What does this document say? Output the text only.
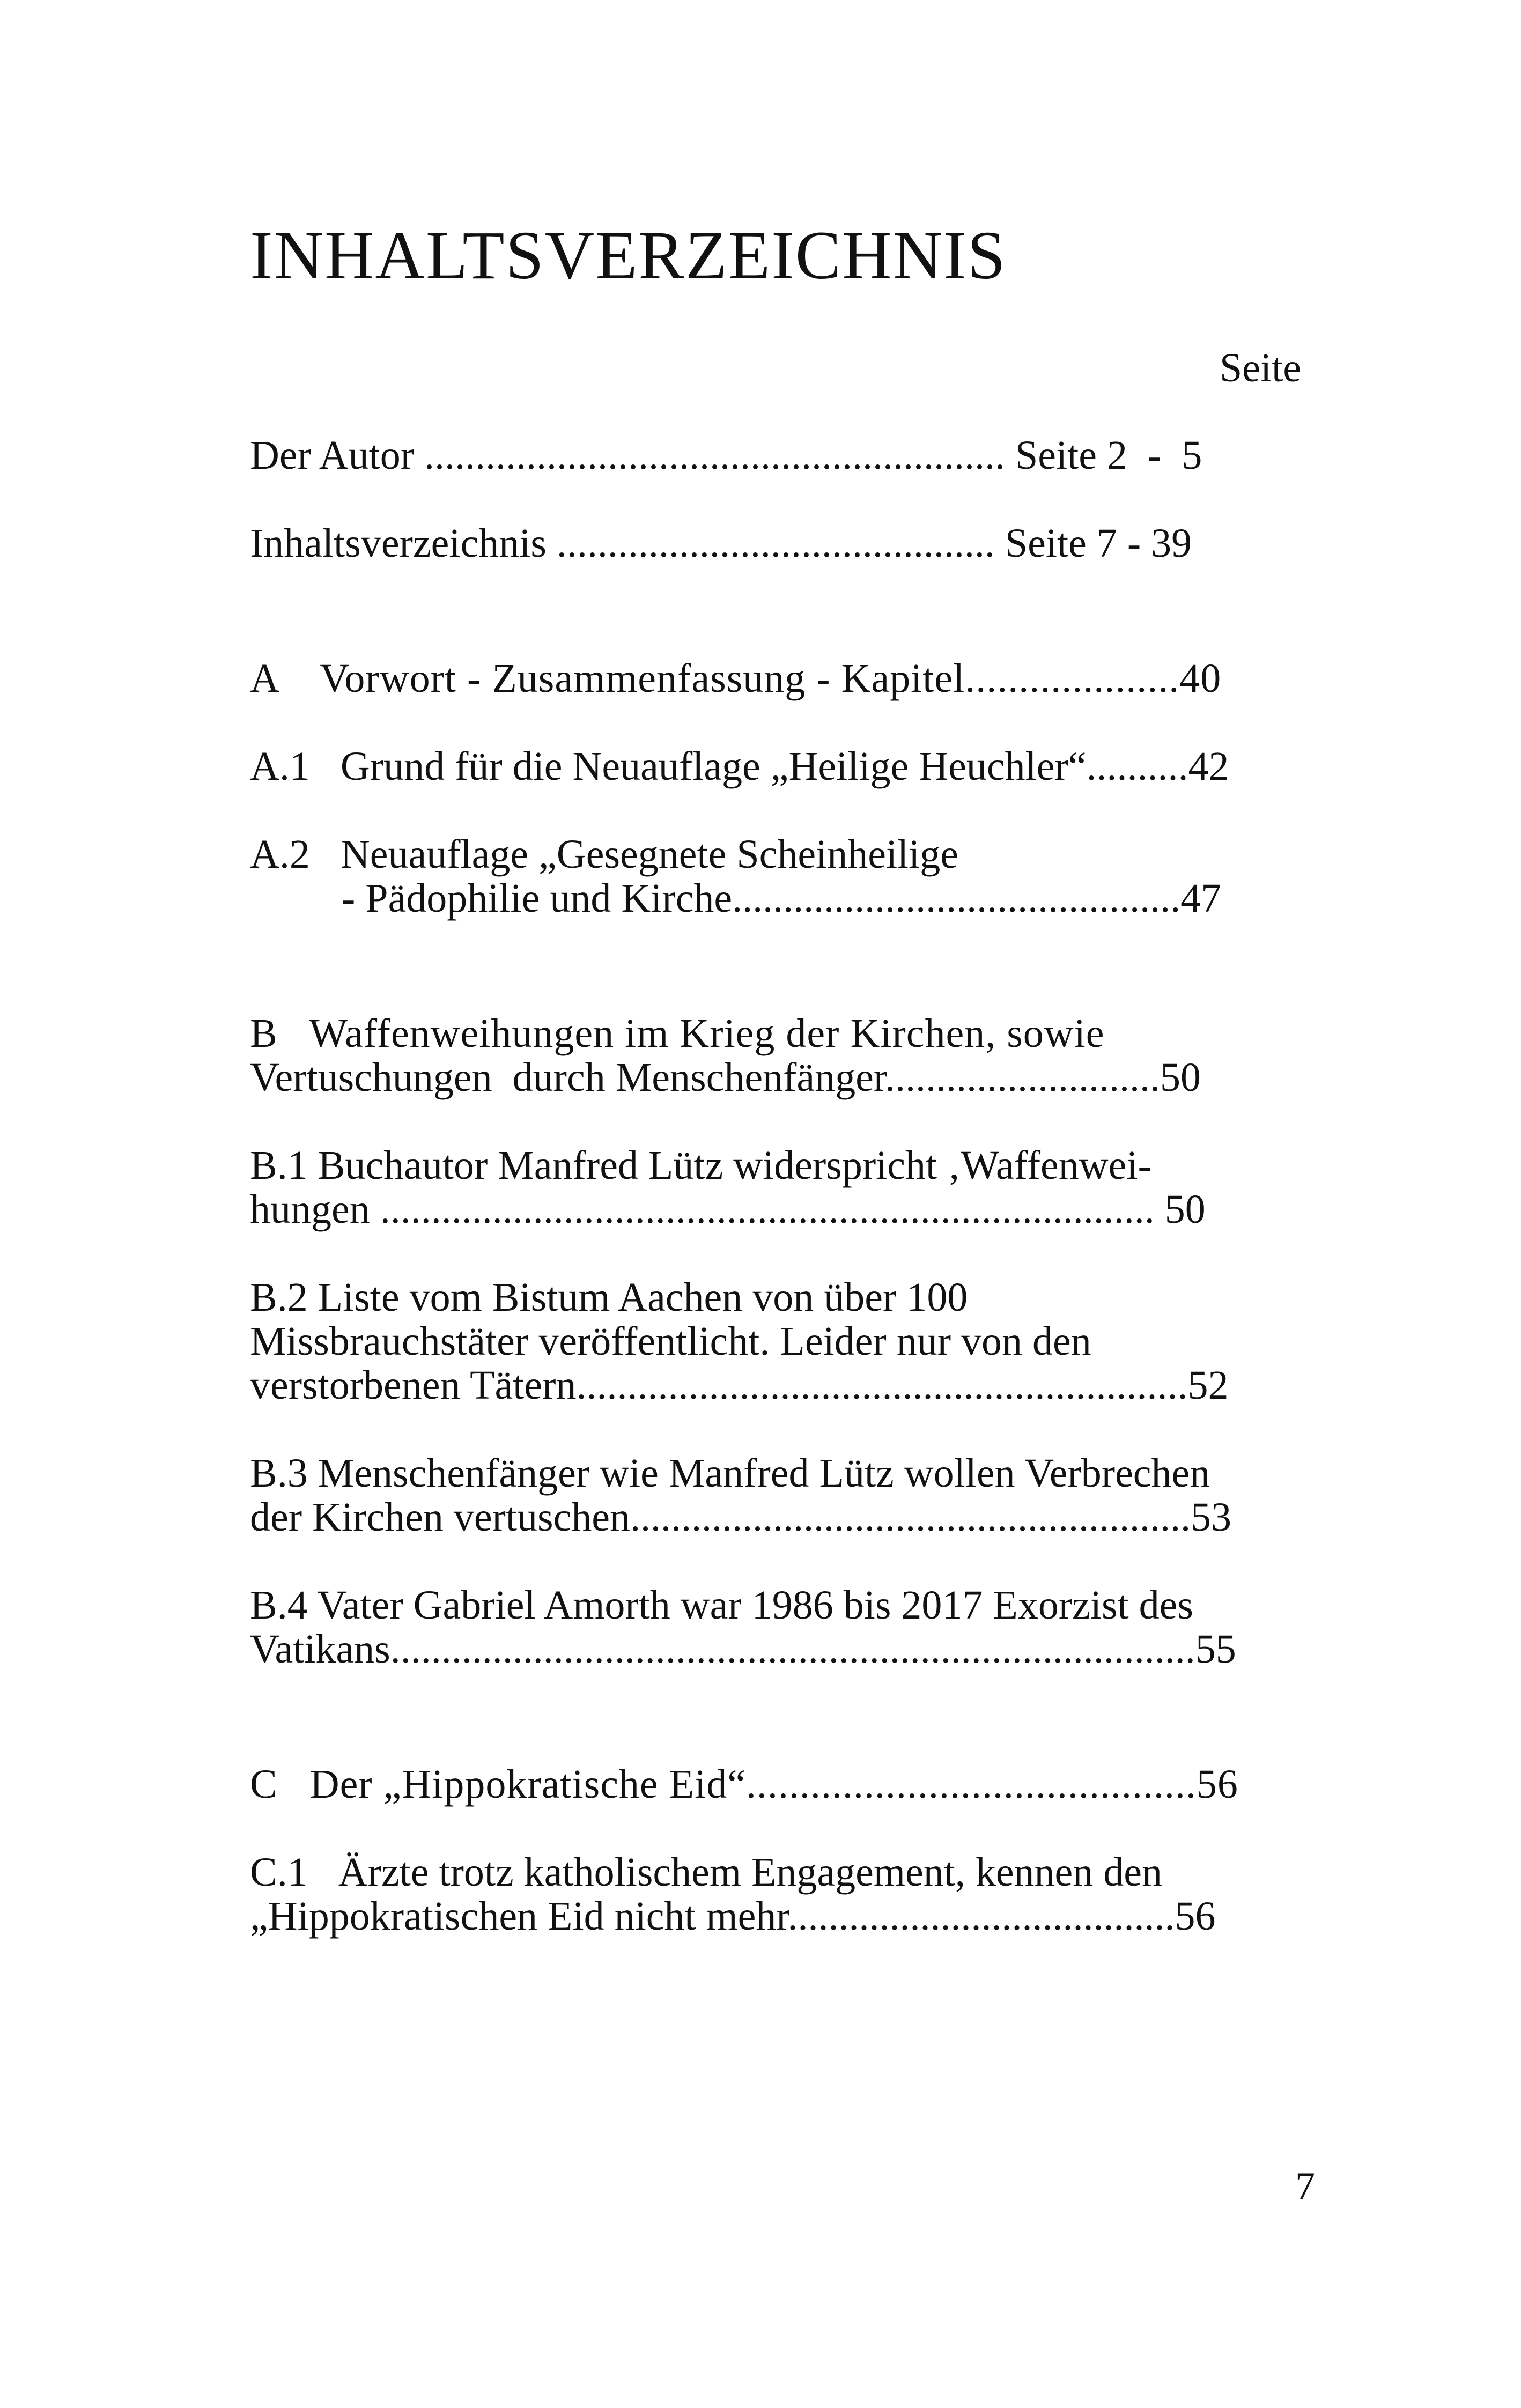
INHALTSVERZEICHNIS
Seite
Der Autor ......................................................... Seite 2  -  5
Inhaltsverzeichnis ........................................... Seite 7 - 39
A    Vorwort - Zusammenfassung - Kapitel....................40
A.1   Grund für die Neuauflage „Heilige Heuchler“..........42
A.2   Neuauflage „Gesegnete Scheinheilige
- Pädophilie und Kirche............................................47
B   Waffenweihungen im Krieg der Kirchen, sowie
Vertuschungen  durch Menschenfänger...........................50
B.1 Buchautor Manfred Lütz widerspricht ‚Waffenwei-
hungen ............................................................................ 50
B.2 Liste vom Bistum Aachen von über 100
Missbrauchstäter veröffentlicht. Leider nur von den
verstorbenen Tätern............................................................52
B.3 Menschenfänger wie Manfred Lütz wollen Verbrechen
der Kirchen vertuschen.......................................................53
B.4 Vater Gabriel Amorth war 1986 bis 2017 Exorzist des
Vatikans...............................................................................55
C   Der „Hippokratische Eid“..........................................56
C.1   Ärzte trotz katholischem Engagement, kennen den
„Hippokratischen Eid nicht mehr......................................56
7
